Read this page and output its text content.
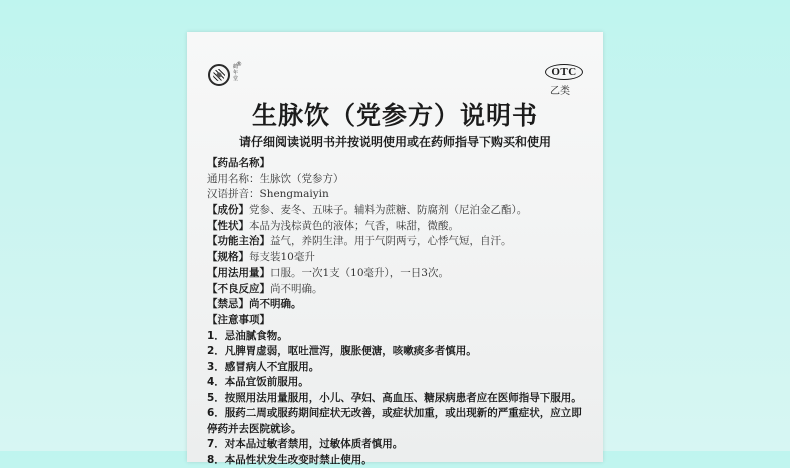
鹤年堂
®
OTC
乙类
生脉饮（党参方）说明书
请仔细阅读说明书并按说明使用或在药师指导下购买和使用
【药品名称】
通用名称：生脉饮（党参方）
汉语拼音：Shengmaiyin
【成份】党参、麦冬、五味子。辅料为蔗糖、防腐剂（尼泊金乙酯）。
【性状】本品为浅棕黄色的液体；气香，味甜，微酸。
【功能主治】益气，养阴生津。用于气阴两亏，心悸气短，自汗。
【规格】每支装10毫升
【用法用量】口服。一次1支（10毫升），一日3次。
【不良反应】尚不明确。
【禁忌】尚不明确。
【注意事项】
1．忌油腻食物。
2．凡脾胃虚弱，呕吐泄泻，腹胀便溏，咳嗽痰多者慎用。
3．感冒病人不宜服用。
4．本品宜饭前服用。
5．按照用法用量服用，小儿、孕妇、高血压、糖尿病患者应在医师指导下服用。
6．服药二周或服药期间症状无改善，或症状加重，或出现新的严重症状，应立即停药并去医院就诊。
7．对本品过敏者禁用，过敏体质者慎用。
8．本品性状发生改变时禁止使用。
